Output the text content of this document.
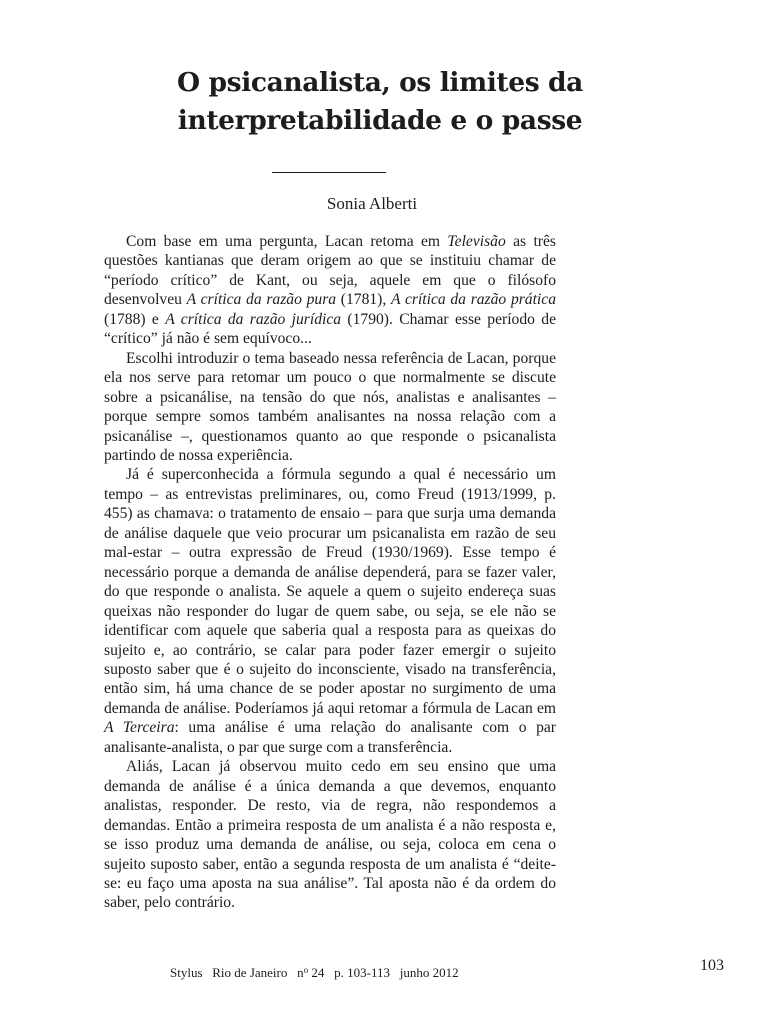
O psicanalista, os limites da
interpretabilidade e o passe
Sonia Alberti

Com base em uma pergunta, Lacan retoma em Televisão as três questões kantianas que deram origem ao que se instituiu chamar de “período crítico” de Kant, ou seja, aquele em que o filósofo desenvolveu A crítica da razão pura (1781), A crítica da razão prática (1788) e A crítica da razão jurídica (1790). Chamar esse período de “crítico” já não é sem equívoco...

Escolhi introduzir o tema baseado nessa referência de Lacan, porque ela nos serve para retomar um pouco o que normalmente se discute sobre a psicanálise, na tensão do que nós, analistas e analisantes – porque sempre somos também analisantes na nossa relação com a psicanálise –, questionamos quanto ao que responde o psicanalista partindo de nossa experiência.

Já é superconhecida a fórmula segundo a qual é necessário um tempo – as entrevistas preliminares, ou, como Freud (1913/1999, p. 455) as chamava: o tratamento de ensaio – para que surja uma demanda de análise daquele que veio procurar um psicanalista em razão de seu mal-estar – outra expressão de Freud (1930/1969). Esse tempo é necessário porque a demanda de análise dependerá, para se fazer valer, do que responde o analista. Se aquele a quem o sujeito endereça suas queixas não responder do lugar de quem sabe, ou seja, se ele não se identificar com aquele que saberia qual a resposta para as queixas do sujeito e, ao contrário, se calar para poder fazer emergir o sujeito suposto saber que é o sujeito do inconsciente, visado na transferência, então sim, há uma chance de se poder apostar no surgimento de uma demanda de análise. Poderíamos já aqui retomar a fórmula de Lacan em A Terceira: uma análise é uma relação do analisante com o par analisante-analista, o par que surge com a transferência.

Aliás, Lacan já observou muito cedo em seu ensino que uma demanda de análise é a única demanda a que devemos, enquanto analistas, responder. De resto, via de regra, não respondemos a demandas. Então a primeira resposta de um analista é a não resposta e, se isso produz uma demanda de análise, ou seja, coloca em cena o sujeito suposto saber, então a segunda resposta de um analista é “deite-se: eu faço uma aposta na sua análise”. Tal aposta não é da ordem do saber, pelo contrário.

Stylus Rio de Janeiro $n^o$ 24 p. 103-113 junho 2012	103
